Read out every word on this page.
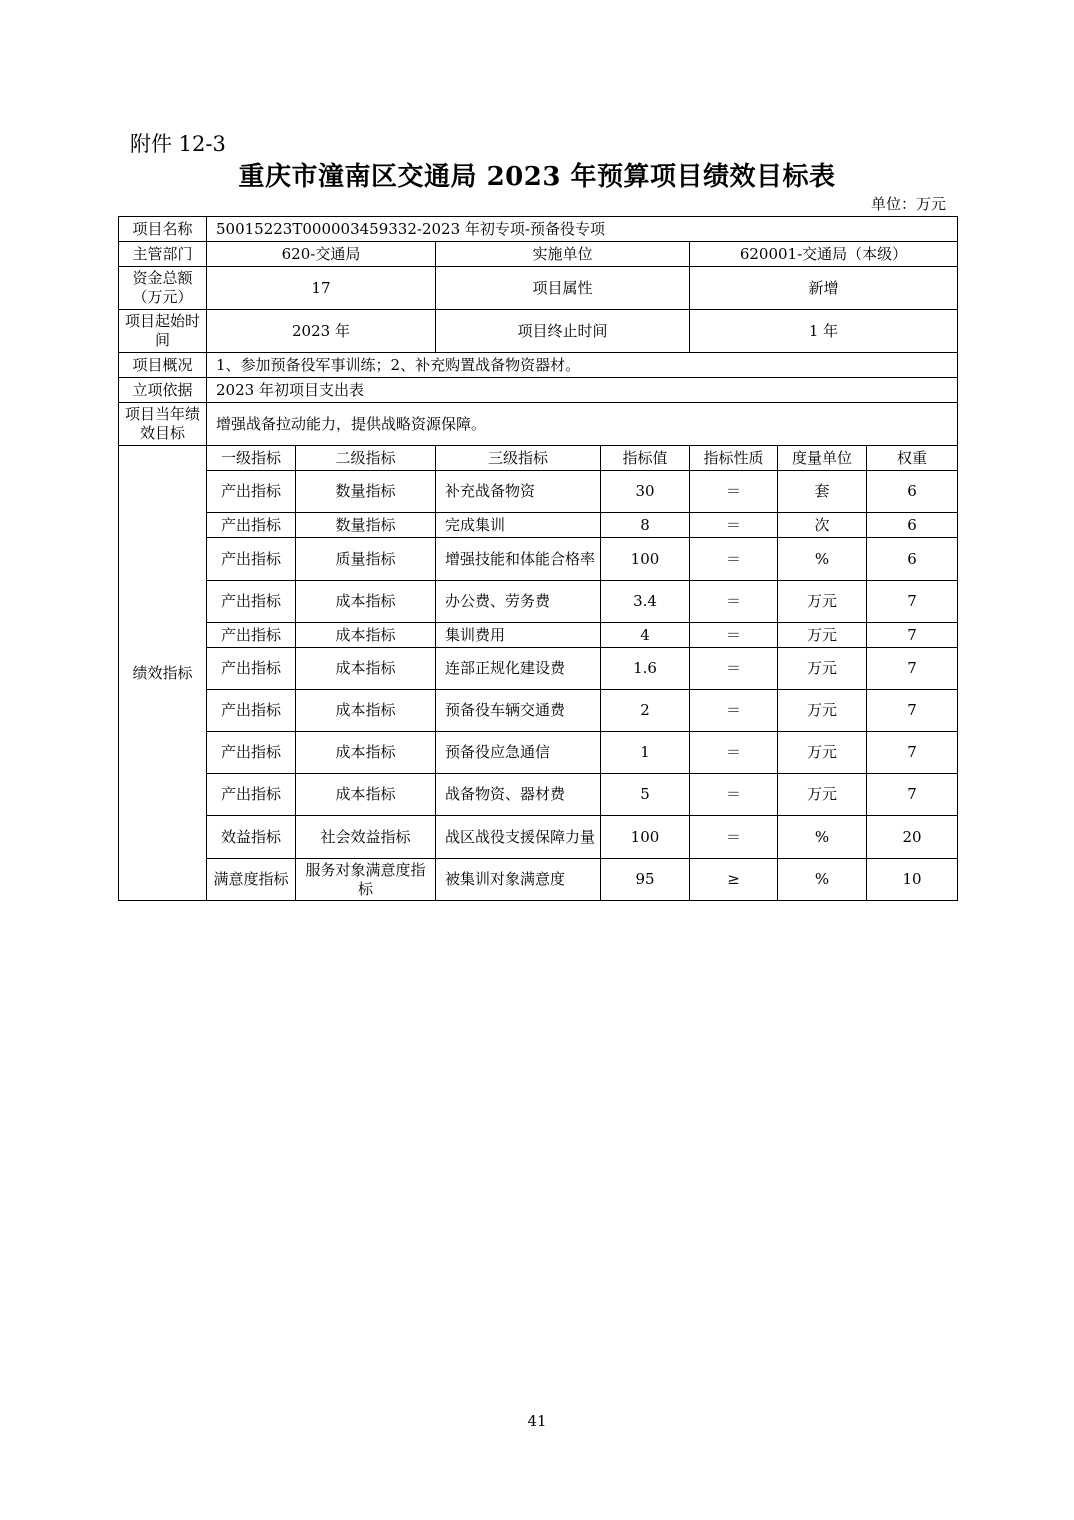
附件 12-3
重庆市潼南区交通局 2023 年预算项目绩效目标表
单位：万元
项目名称	50015223T000003459332-2023 年初专项-预备役专项						
主管部门	620-交通局		实施单位		620001-交通局（本级）		
资金总额（万元）	17		项目属性		新增		
项目起始时间	2023 年		项目终止时间		1 年		
项目概况	1、参加预备役军事训练；2、补充购置战备物资器材。						
立项依据	2023 年初项目支出表						
项目当年绩效目标	增强战备拉动能力，提供战略资源保障。						
绩效指标	一级指标	二级指标	三级指标	指标值	指标性质	度量单位	权重
	产出指标	数量指标	补充战备物资	30	＝	套	6
	产出指标	数量指标	完成集训	8	＝	次	6
	产出指标	质量指标	增强技能和体能合格率	100	＝	%	6
	产出指标	成本指标	办公费、劳务费	3.4	＝	万元	7
	产出指标	成本指标	集训费用	4	＝	万元	7
	产出指标	成本指标	连部正规化建设费	1.6	＝	万元	7
	产出指标	成本指标	预备役车辆交通费	2	＝	万元	7
	产出指标	成本指标	预备役应急通信	1	＝	万元	7
	产出指标	成本指标	战备物资、器材费	5	＝	万元	7
	效益指标	社会效益指标	战区战役支援保障力量	100	＝	%	20
	满意度指标	服务对象满意度指标	被集训对象满意度	95	≥	%	10
41
